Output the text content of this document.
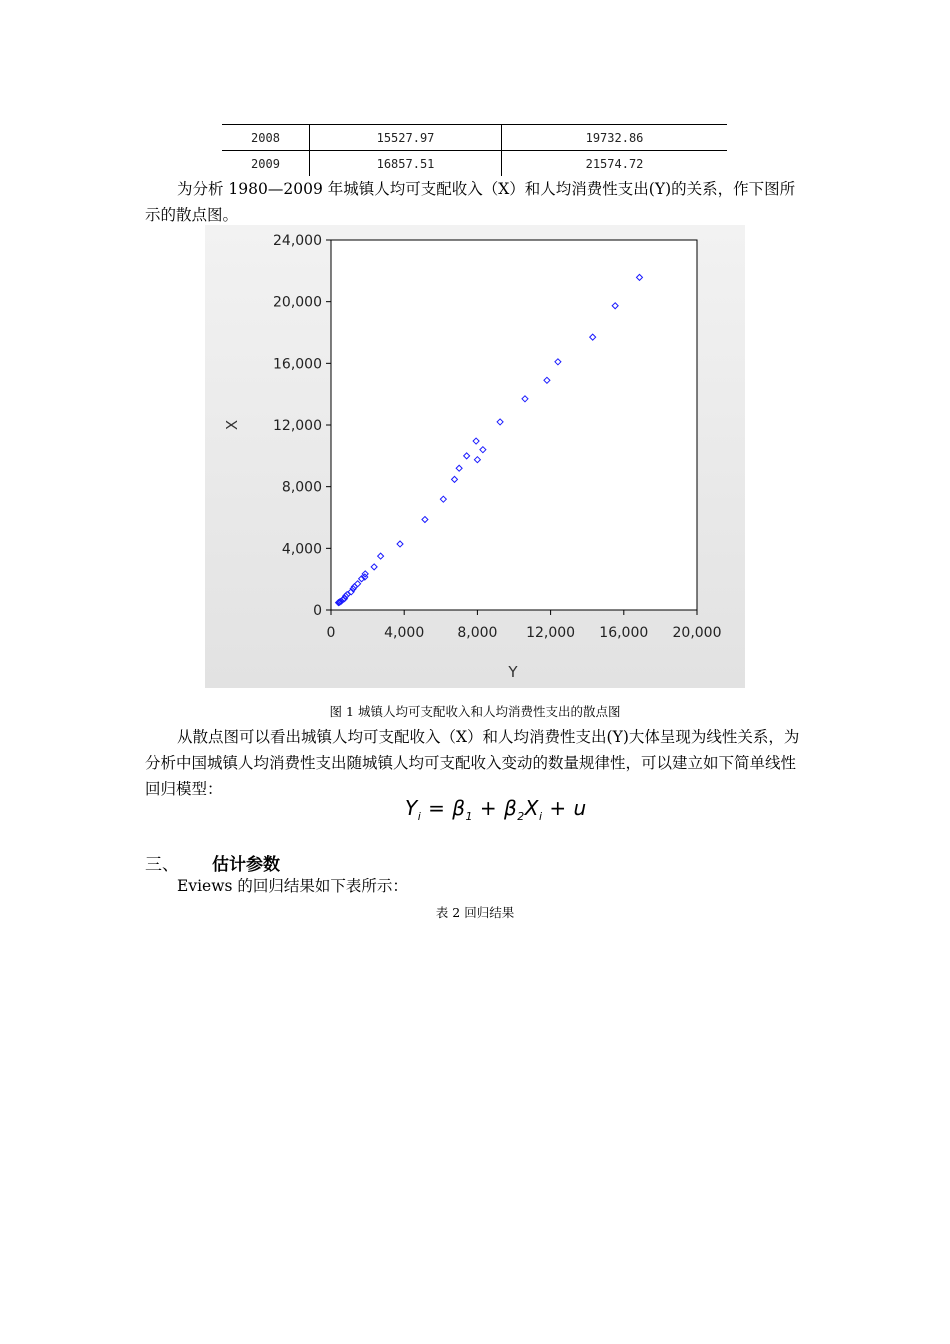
2008	15527.97	19732.86
2009	16857.51	21574.72
为分析 1980—2009 年城镇人均可支配收入（X）和人均消费性支出(Y)的关系，作下图所示的散点图。
0
4,000
8,000
12,000
16,000
20,000
24,000
0	4,000 8,000 12,000 16,000 20,000
X
Y
图 1 城镇人均可支配收入和人均消费性支出的散点图
从散点图可以看出城镇人均可支配收入（X）和人均消费性支出(Y)大体呈现为线性关系，为分析中国城镇人均消费性支出随城镇人均可支配收入变动的数量规律性，可以建立如下简单线性回归模型：
$Y_i = \beta_1 + \beta_2X_i + u$
三、 估计参数
Eviews 的回归结果如下表所示：
表 2 回归结果
